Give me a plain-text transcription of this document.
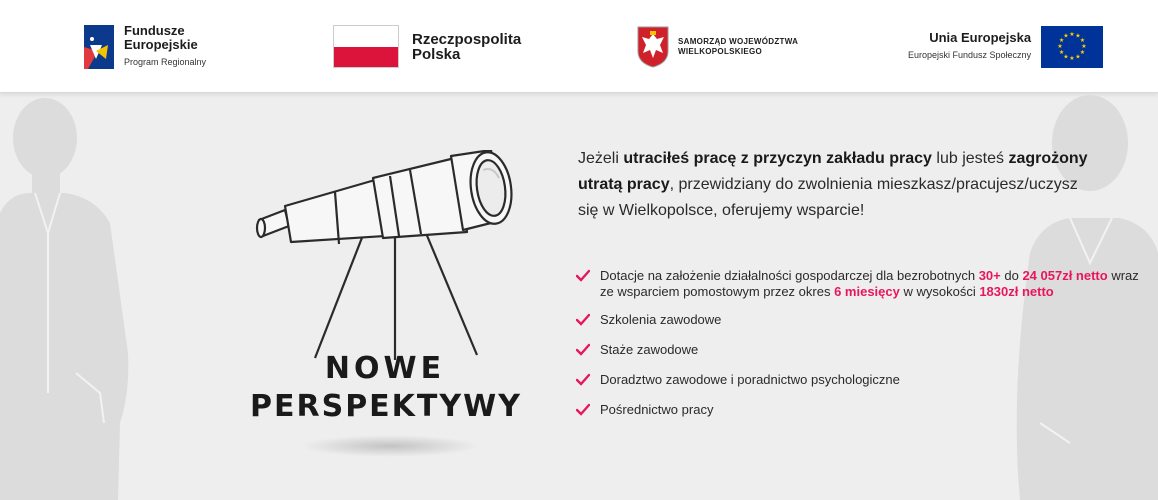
Fundusze
Europejskie
Program Regionalny
Rzeczpospolita
Polska
SAMORZĄD WOJEWÓDZTWA
WIELKOPOLSKIEGO
Unia Europejska
Europejski Fundusz Społeczny
★ ★
★
★
★
★
★
★
★
★
★
★
NOWE
PERSPEKTYWY

Jeżeli utraciłeś pracę z przyczyn zakładu pracy lub jesteś zagrożony utratą pracy, przewidziany do zwolnienia mieszkasz/pracujesz/uczysz się w Wielkopolsce, oferujemy wsparcie!

Dotacje na założenie działalności gospodarczej dla bezrobotnych 30+ do 24 057zł netto wraz ze wsparciem pomostowym przez okres 6 miesięcy w wysokości 1830zł netto
Szkolenia zawodowe
Staże zawodowe
Doradztwo zawodowe i poradnictwo psychologiczne
Pośrednictwo pracy
